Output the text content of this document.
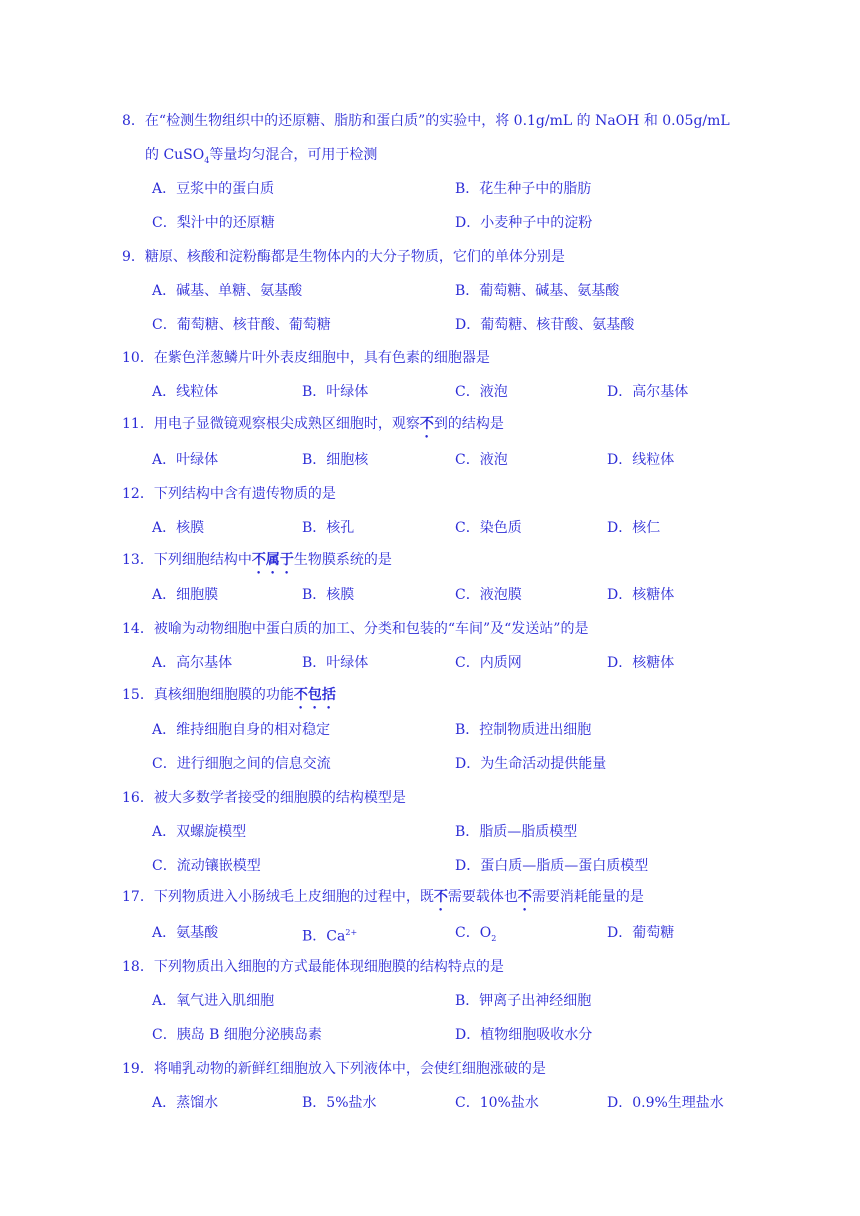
8．在“检测生物组织中的还原糖、脂肪和蛋白质”的实验中，将 0.1g/mL 的 NaOH 和 0.05g/mL
的 CuSO$_4$等量均匀混合，可用于检测
A．豆浆中的蛋白质	B．花生种子中的脂肪
C．梨汁中的还原糖	D．小麦种子中的淀粉
9．糖原、核酸和淀粉酶都是生物体内的大分子物质，它们的单体分别是
A．碱基、单糖、氨基酸	B．葡萄糖、碱基、氨基酸
C．葡萄糖、核苷酸、葡萄糖	D．葡萄糖、核苷酸、氨基酸
10．在紫色洋葱鳞片叶外表皮细胞中，具有色素的细胞器是
A．线粒体	B．叶绿体	C．液泡	D．高尔基体
11．用电子显微镜观察根尖成熟区细胞时，观察不到的结构是
A．叶绿体	B．细胞核	C．液泡	D．线粒体
12．下列结构中含有遗传物质的是
A．核膜	B．核孔	C．染色质	D．核仁
13．下列细胞结构中不属于生物膜系统的是
A．细胞膜	B．核膜	C．液泡膜	D．核糖体
14．被喻为动物细胞中蛋白质的加工、分类和包装的“车间”及“发送站”的是
A．高尔基体	B．叶绿体	C．内质网	D．核糖体
15．真核细胞细胞膜的功能不包括
A．维持细胞自身的相对稳定	B．控制物质进出细胞
C．进行细胞之间的信息交流	D．为生命活动提供能量
16．被大多数学者接受的细胞膜的结构模型是
A．双螺旋模型	B．脂质—脂质模型
C．流动镶嵌模型	D．蛋白质—脂质—蛋白质模型
17．下列物质进入小肠绒毛上皮细胞的过程中，既不需要载体也不需要消耗能量的是
A．氨基酸	B．$Ca^{2+}$	C．$O_2$	D．葡萄糖
18．下列物质出入细胞的方式最能体现细胞膜的结构特点的是
A．氧气进入肌细胞	B．钾离子出神经细胞
C．胰岛 B 细胞分泌胰岛素	D．植物细胞吸收水分
19．将哺乳动物的新鲜红细胞放入下列液体中，会使红细胞涨破的是
A．蒸馏水	B．5%盐水	C．10%盐水	D．0.9%生理盐水
